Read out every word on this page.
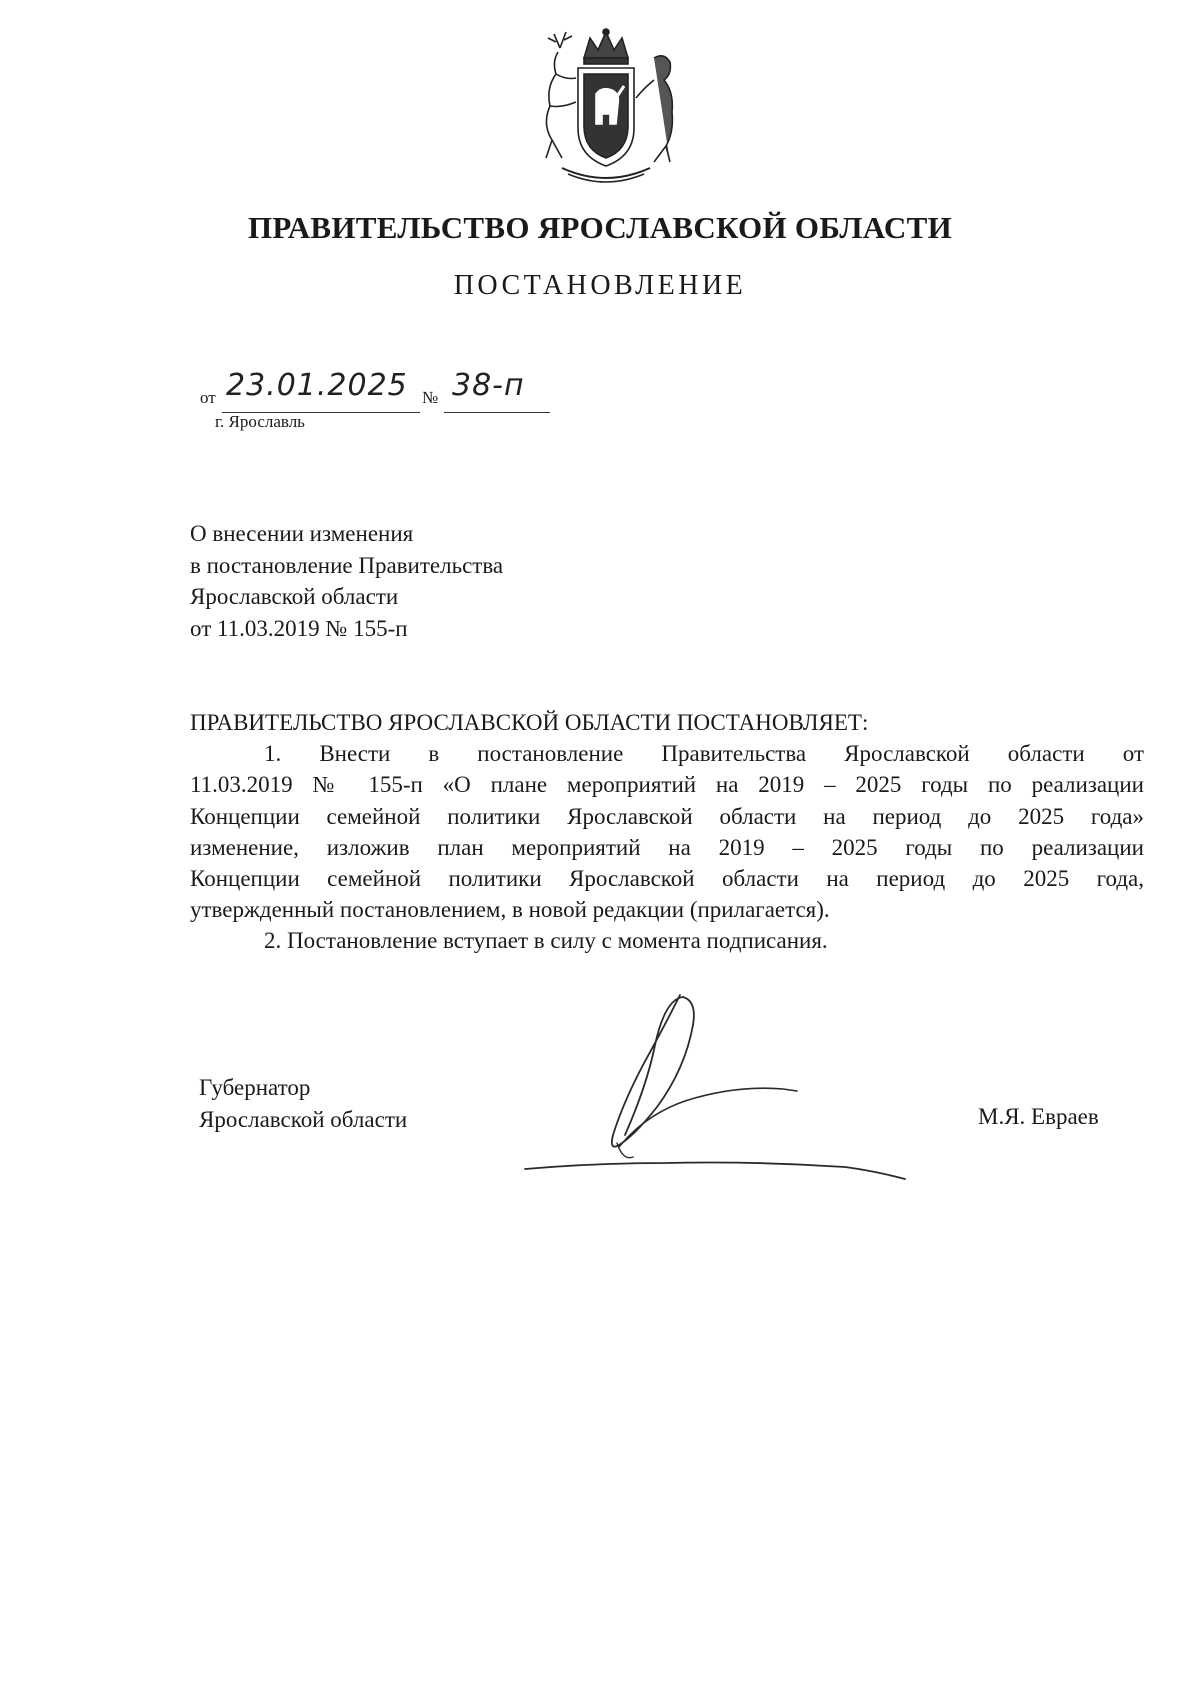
ПРАВИТЕЛЬСТВО ЯРОСЛАВСКОЙ ОБЛАСТИ
ПОСТАНОВЛЕНИЕ
от 23.01.2025 № 38-п
г. Ярославль
О внесении изменения
в постановление Правительства
Ярославской области
от 11.03.2019 № 155-п
ПРАВИТЕЛЬСТВО ЯРОСЛАВСКОЙ ОБЛАСТИ ПОСТАНОВЛЯЕТ:
1. Внести в постановление Правительства Ярославской области от
11.03.2019 № 155-п «О плане мероприятий на 2019 – 2025 годы по реализации
Концепции семейной политики Ярославской области на период до 2025 года»
изменение, изложив план мероприятий на 2019 – 2025 годы по реализации
Концепции семейной политики Ярославской области на период до 2025 года,
утвержденный постановлением, в новой редакции (прилагается).
2. Постановление вступает в силу с момента подписания.
Губернатор
Ярославской области	М.Я. Евраев
